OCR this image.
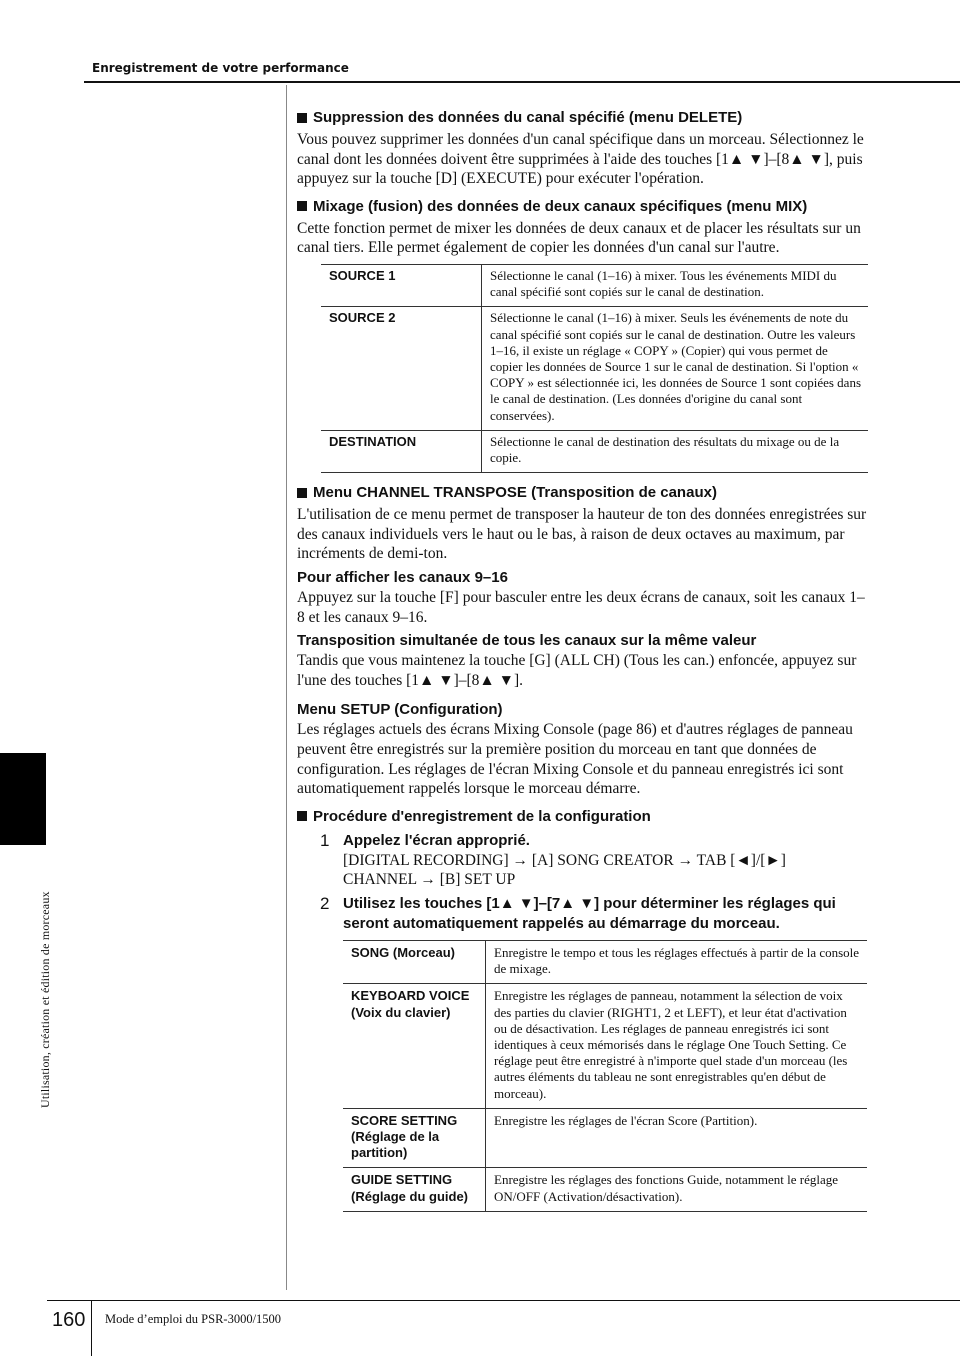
Enregistrement de votre performance
Utilisation, création et édition de morceaux
Suppression des données du canal spécifié (menu DELETE)

Vous pouvez supprimer les données d'un canal spécifique dans un morceau. Sélectionnez le canal dont les données doivent être supprimées à l'aide des touches [1▲ ▼]–[8▲ ▼], puis appuyez sur la touche [D] (EXECUTE) pour exécuter l'opération.

Mixage (fusion) des données de deux canaux spécifiques (menu MIX)

Cette fonction permet de mixer les données de deux canaux et de placer les résultats sur un canal tiers. Elle permet également de copier les données d'un canal sur l'autre.

SOURCE 1	Sélectionne le canal (1–16) à mixer. Tous les événements MIDI du canal spécifié sont copiés sur le canal de destination.
SOURCE 2	Sélectionne le canal (1–16) à mixer. Seuls les événements de note du canal spécifié sont copiés sur le canal de destination. Outre les valeurs 1–16, il existe un réglage « COPY » (Copier) qui vous permet de copier les données de Source 1 sur le canal de destination. Si l'option « COPY » est sélectionnée ici, les données de Source 1 sont copiées dans le canal de destination. (Les données d'origine du canal sont conservées).
DESTINATION	Sélectionne le canal de destination des résultats du mixage ou de la copie.
Menu CHANNEL TRANSPOSE (Transposition de canaux)

L'utilisation de ce menu permet de transposer la hauteur de ton des données enregistrées sur des canaux individuels vers le haut ou le bas, à raison de deux octaves au maximum, par incréments de demi-ton.

Pour afficher les canaux 9–16

Appuyez sur la touche [F] pour basculer entre les deux écrans de canaux, soit les canaux 1–8 et les canaux 9–16.

Transposition simultanée de tous les canaux sur la même valeur

Tandis que vous maintenez la touche [G] (ALL CH) (Tous les can.) enfoncée, appuyez sur l'une des touches [1▲ ▼]–[8▲ ▼].

Menu SETUP (Configuration)

Les réglages actuels des écrans Mixing Console (page 86) et d'autres réglages de panneau peuvent être enregistrés sur la première position du morceau en tant que données de configuration. Les réglages de l'écran Mixing Console et du panneau enregistrés ici sont automatiquement rappelés lorsque le morceau démarre.

Procédure d'enregistrement de la configuration
1 Appelez l'écran approprié.
[DIGITAL RECORDING] → [A] SONG CREATOR → TAB [◄]/[►]
CHANNEL → [B] SET UP
2 Utilisez les touches [1▲ ▼]–[7▲ ▼] pour déterminer les réglages qui seront automatiquement rappelés au démarrage du morceau.
SONG (Morceau)	Enregistre le tempo et tous les réglages effectués à partir de la console de mixage.
KEYBOARD VOICE (Voix du clavier)	Enregistre les réglages de panneau, notamment la sélection de voix des parties du clavier (RIGHT1, 2 et LEFT), et leur état d'activation ou de désactivation. Les réglages de panneau enregistrés ici sont identiques à ceux mémorisés dans le réglage One Touch Setting. Ce réglage peut être enregistré à n'importe quel stade d'un morceau (les autres éléments du tableau ne sont enregistrables qu'en début de morceau).
SCORE SETTING (Réglage de la partition)	Enregistre les réglages de l'écran Score (Partition).
GUIDE SETTING (Réglage du guide)	Enregistre les réglages des fonctions Guide, notamment le réglage ON/OFF (Activation/désactivation).
160 Mode d’emploi du PSR-3000/1500
